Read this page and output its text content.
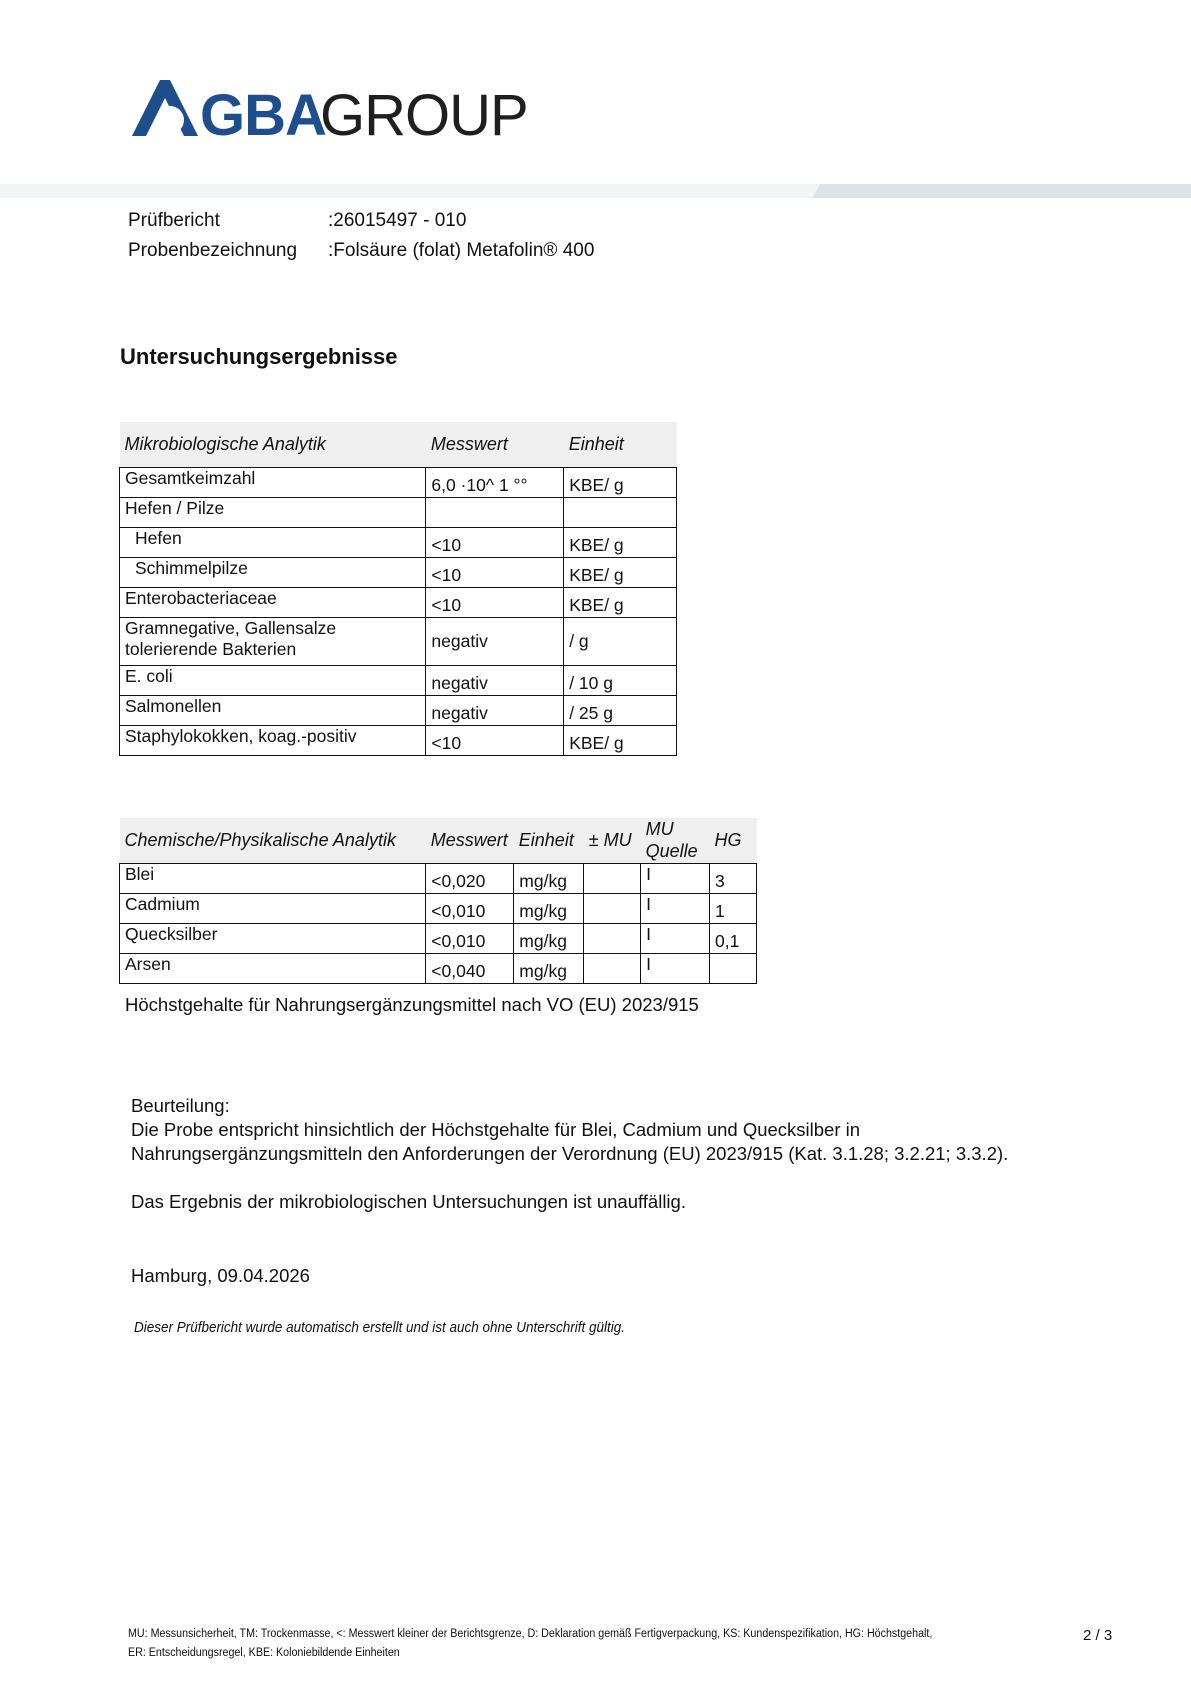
GBA
GROUP
Prüfbericht	:26015497 - 010
Probenbezeichnung :Folsäure (folat) Metafolin® 400
Untersuchungsergebnisse
Mikrobiologische Analytik	Messwert	Einheit
Gesamtkeimzahl	6,0 ·10^ 1 °°	KBE/ g
Hefen / Pilze		
Hefen	<10	KBE/ g
Schimmelpilze	<10	KBE/ g
Enterobacteriaceae	<10	KBE/ g

Gramnegative, Gallensalze
tolerierende Bakterien	negativ	/ g
E. coli	negativ	/ 10 g
Salmonellen	negativ	/ 25 g
Staphylokokken, koag.-positiv	<10	KBE/ g
Chemische/Physikalische Analytik	Messwert	Einheit	± MU	MU
Quelle	HG
Blei	<0,020	mg/kg		I	3
Cadmium	<0,010	mg/kg		I	1
Quecksilber	<0,010	mg/kg		I	0,1
Arsen	<0,040	mg/kg		I	
Höchstgehalte für Nahrungsergänzungsmittel nach VO (EU) 2023/915
Beurteilung:
Die Probe entspricht hinsichtlich der Höchstgehalte für Blei, Cadmium und Quecksilber in
Nahrungsergänzungsmitteln den Anforderungen der Verordnung (EU) 2023/915 (Kat. 3.1.28; 3.2.21; 3.3.2).
Das Ergebnis der mikrobiologischen Untersuchungen ist unauffällig.
Hamburg, 09.04.2026
Dieser Prüfbericht wurde automatisch erstellt und ist auch ohne Unterschrift gültig.
MU: Messunsicherheit, TM: Trockenmasse, <: Messwert kleiner der Berichtsgrenze, D: Deklaration gemäß Fertigverpackung, KS: Kundenspezifikation, HG: Höchstgehalt,
ER: Entscheidungsregel, KBE: Koloniebildende Einheiten
2 / 3
